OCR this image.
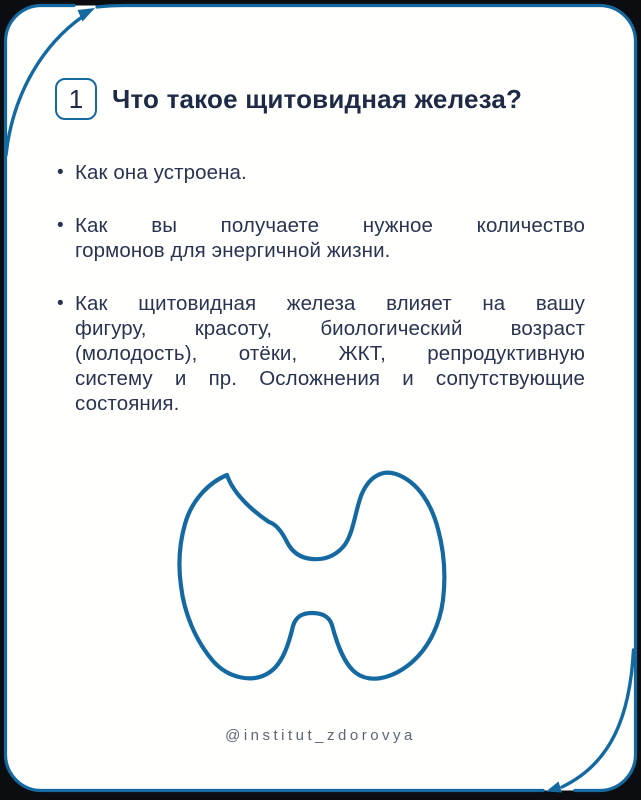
1 Что такое щитовидная железа?
• Как она устроена.
• Как вы получаете нужное количество
гормонов для энергичной жизни.
• Как щитовидная железа влияет на вашу
фигуру, красоту, биологический возраст
(молодость), отёки, ЖКТ, репродуктивную
систему и пр. Осложнения и сопутствующие
состояния.
@institut_zdorovya
